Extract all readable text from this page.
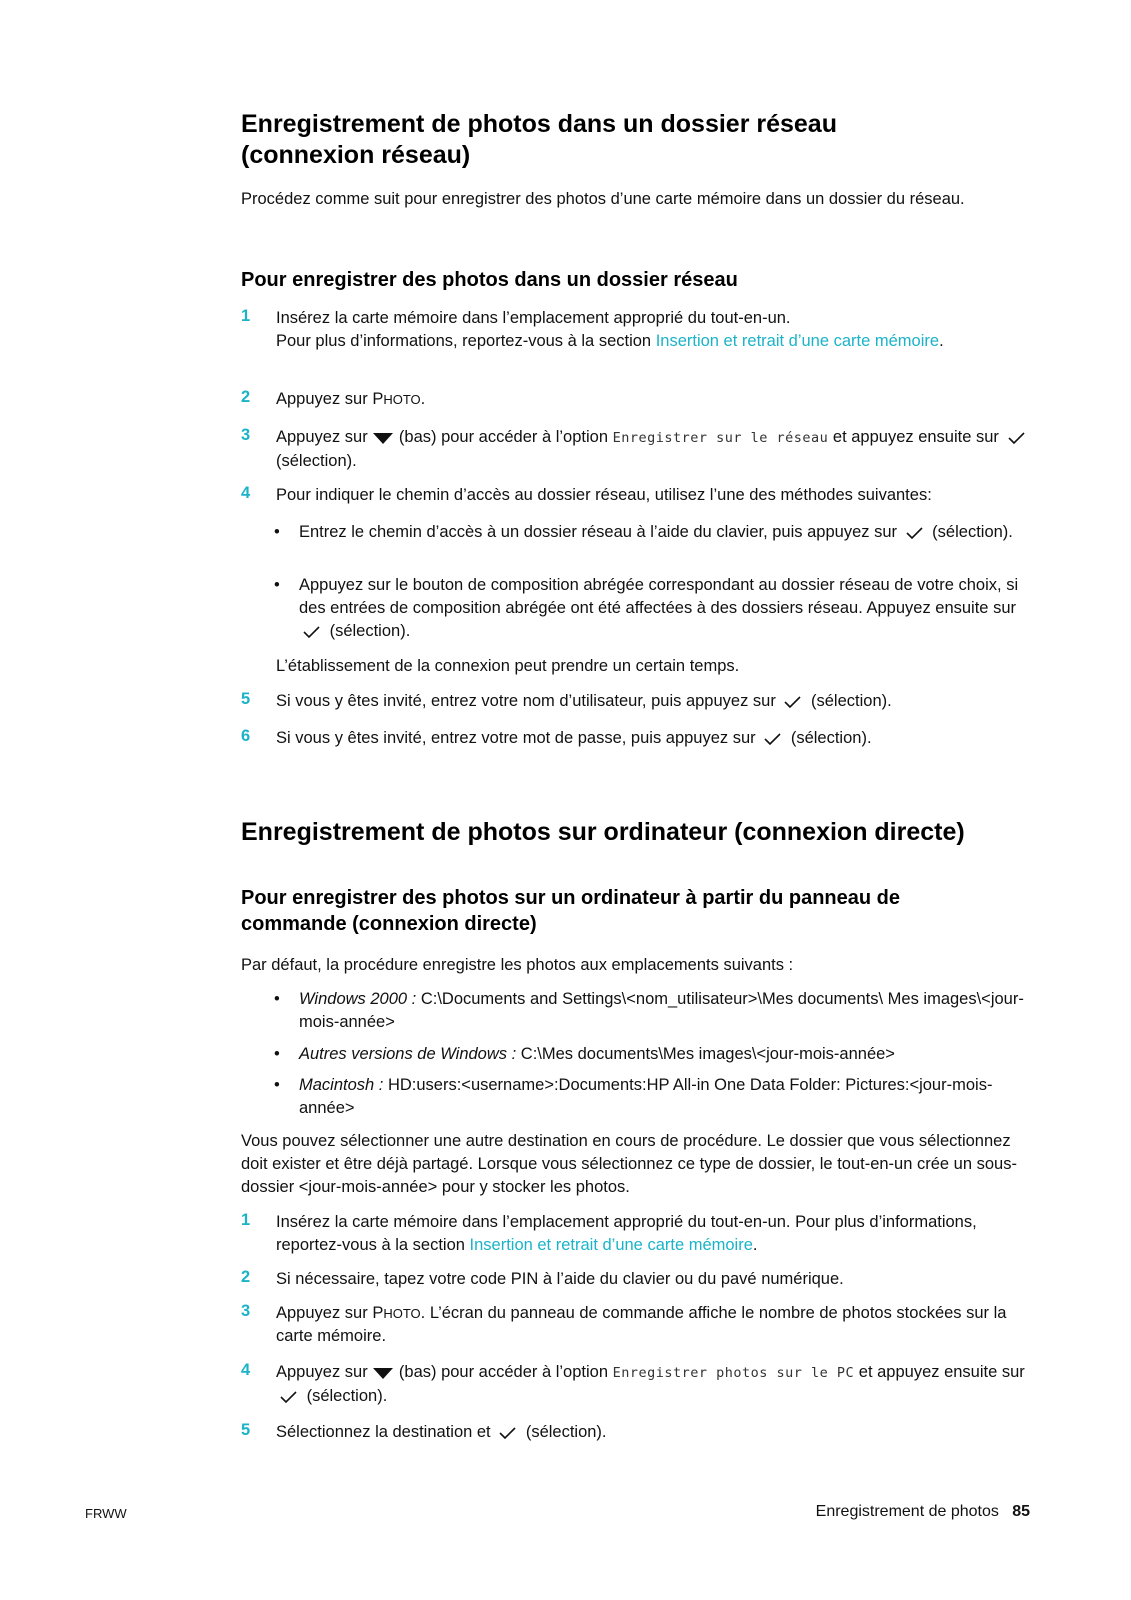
Enregistrement de photos dans un dossier réseau
(connexion réseau)

Procédez comme suit pour enregistrer des photos d’une carte mémoire dans un dossier du réseau.

Pour enregistrer des photos dans un dossier réseau
1	Insérez la carte mémoire dans l’emplacement approprié du tout-en-un.
Pour plus d’informations, reportez-vous à la section Insertion et retrait d’une carte mémoire.
2	Appuyez sur PHOTO.
3	Appuyez sur  (bas) pour accéder à l’option Enregistrer sur le réseau et appuyez ensuite sur  (sélection).
4	Pour indiquer le chemin d’accès au dossier réseau, utilisez l’une des méthodes suivantes:
• Entrez le chemin d’accès à un dossier réseau à l’aide du clavier, puis appuyez sur  (sélection).
• Appuyez sur le bouton de composition abrégée correspondant au dossier réseau de votre choix, si des entrées de composition abrégée ont été affectées à des dossiers réseau. Appuyez ensuite sur  (sélection).

L’établissement de la connexion peut prendre un certain temps.

5	Si vous y êtes invité, entrez votre nom d’utilisateur, puis appuyez sur  (sélection).
6	Si vous y êtes invité, entrez votre mot de passe, puis appuyez sur  (sélection).
Enregistrement de photos sur ordinateur (connexion directe)
Pour enregistrer des photos sur un ordinateur à partir du panneau de
commande (connexion directe)

Par défaut, la procédure enregistre les photos aux emplacements suivants :

• Windows 2000 : C:\Documents and Settings\<nom_utilisateur>\Mes documents\ Mes images\<jour-mois-année>
• Autres versions de Windows : C:\Mes documents\Mes images\<jour-mois-année>
• Macintosh : HD:users:<username>:Documents:HP All-in One Data Folder: Pictures:<jour-mois-année>

Vous pouvez sélectionner une autre destination en cours de procédure. Le dossier que vous sélectionnez doit exister et être déjà partagé. Lorsque vous sélectionnez ce type de dossier, le tout-en-un crée un sous-dossier <jour-mois-année> pour y stocker les photos.

1	Insérez la carte mémoire dans l’emplacement approprié du tout-en-un. Pour plus d’informations, reportez-vous à la section Insertion et retrait d’une carte mémoire.
2	Si nécessaire, tapez votre code PIN à l’aide du clavier ou du pavé numérique.
3	Appuyez sur PHOTO. L’écran du panneau de commande affiche le nombre de photos stockées sur la carte mémoire.
4	Appuyez sur  (bas) pour accéder à l’option Enregistrer photos sur le PC et appuyez ensuite sur  (sélection).
5	Sélectionnez la destination et  (sélection).
FRWW	Enregistrement de photos 85
